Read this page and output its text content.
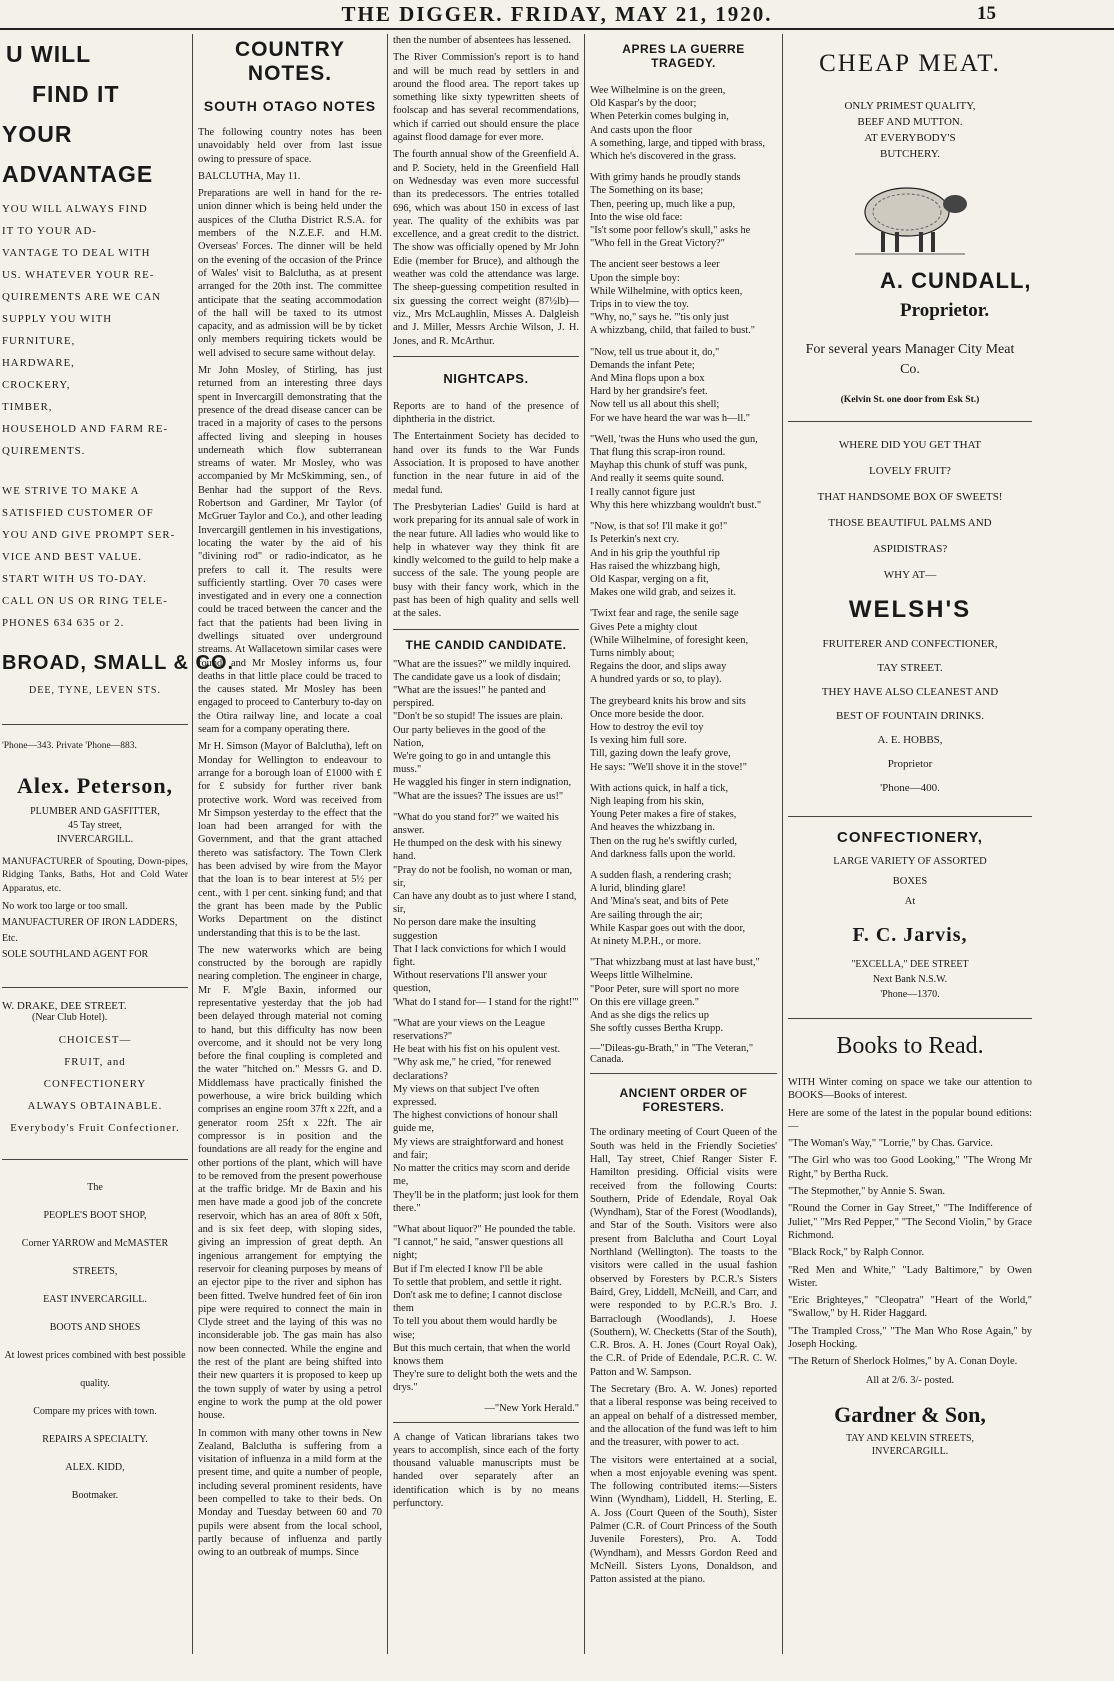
THE DIGGER. FRIDAY, MAY 21, 1920.	15
U WILL
FIND IT
YOUR ADVANTAGE
YOU WILL ALWAYS FIND
IT TO YOUR AD-
VANTAGE TO DEAL WITH
US. WHATEVER YOUR RE-
QUIREMENTS ARE WE CAN
SUPPLY YOU WITH
FURNITURE,
HARDWARE,
CROCKERY,
TIMBER,
HOUSEHOLD AND FARM RE-
QUIREMENTS.
WE STRIVE TO MAKE A
SATISFIED CUSTOMER OF
YOU AND GIVE PROMPT SER-
VICE AND BEST VALUE.
START WITH US TO-DAY.
CALL ON US OR RING TELE-
PHONES 634 635 or 2.
BROAD, SMALL & CO.
DEE, TYNE, LEVEN STS.
'Phone—343. Private 'Phone—883.
Alex. Peterson,
PLUMBER AND GASFITTER,
45 Tay street,
INVERCARGILL.
MANUFACTURER of Spouting, Down-pipes, Ridging Tanks, Baths, Hot and Cold Water Apparatus, etc.
No work too large or too small.
MANUFACTURER OF IRON LADDERS, Etc.
SOLE SOUTHLAND AGENT FOR
W. DRAKE, DEE STREET.
(Near Club Hotel).
CHOICEST—
FRUIT, and
CONFECTIONERY
ALWAYS OBTAINABLE.
Everybody's Fruit Confectioner.
The
PEOPLE'S BOOT SHOP,
Corner YARROW and McMASTER STREETS,
EAST INVERCARGILL.
BOOTS AND SHOES
At lowest prices combined with best possible quality.
Compare my prices with town.
REPAIRS A SPECIALTY.
ALEX. KIDD,
Bootmaker.
COUNTRY NOTES.
SOUTH OTAGO NOTES
The following country notes has been unavoidably held over from last issue owing to pressure of space.
BALCLUTHA, May 11.
Preparations are well in hand for the re-union dinner which is being held under the auspices of the Clutha District R.S.A. for members of the N.Z.E.F. and H.M. Overseas' Forces. The dinner will be held on the evening of the occasion of the Prince of Wales' visit to Balclutha, as at present arranged for the 20th inst. The committee anticipate that the seating accommodation of the hall will be taxed to its utmost capacity, and as admission will be by ticket only members requiring tickets would be well advised to secure same without delay.
Mr John Mosley, of Stirling, has just returned from an interesting three days spent in Invercargill demonstrating that the presence of the dread disease cancer can be traced in a majority of cases to the persons affected living and sleeping in houses underneath which flow subterranean streams of water. Mr Mosley, who was accompanied by Mr McSkimming, sen., of Benhar had the support of the Revs. Robertson and Gardiner, Mr Taylor (of McGruer Taylor and Co.), and other leading Invercargill gentlemen in his investigations, locating the water by the aid of his "divining rod" or radio-indicator, as he prefers to call it. The results were sufficiently startling. Over 70 cases were investigated and in every one a connection could be traced between the cancer and the fact that the patients had been living in dwellings situated over underground streams. At Wallacetown similar cases were found, and Mr Mosley informs us, four deaths in that little place could be traced to the causes stated. Mr Mosley has been engaged to proceed to Canterbury to-day on the Otira railway line, and locate a coal seam for a company operating there.
Mr H. Simson (Mayor of Balclutha), left on Monday for Wellington to endeavour to arrange for a borough loan of £1000 with £ for £ subsidy for further river bank protective work. Word was received from Mr Simpson yesterday to the effect that the loan had been arranged for with the Government, and that the grant attached thereto was satisfactory. The Town Clerk has been advised by wire from the Mayor that the loan is to bear interest at 5½ per cent., with 1 per cent. sinking fund; and that the grant has been made by the Public Works Department on the distinct understanding that this is to be the last.
The new waterworks which are being constructed by the borough are rapidly nearing completion. The engineer in charge, Mr F. M'gle Baxin, informed our representative yesterday that the job had been delayed through material not coming to hand, but this difficulty has now been overcome, and it should not be very long before the final coupling is completed and the water "hitched on." Messrs G. and D. Middlemass have practically finished the powerhouse, a wire brick building which comprises an engine room 37ft x 22ft, and a generator room 25ft x 22ft. The air compressor is in position and the foundations are all ready for the engine and other portions of the plant, which will have to be removed from the present powerhouse at the traffic bridge. Mr de Baxin and his men have made a good job of the concrete reservoir, which has an area of 80ft x 50ft, and is six feet deep, with sloping sides, giving an impression of great depth. An ingenious arrangement for emptying the reservoir for cleaning purposes by means of an ejector pipe to the river and siphon has been fitted. Twelve hundred feet of 6in iron pipe were required to connect the main in Clyde street and the laying of this was no inconsiderable job. The gas main has also now been connected. While the engine and the rest of the plant are being shifted into their new quarters it is proposed to keep up the town supply of water by using a petrol engine to work the pump at the old power house.
In common with many other towns in New Zealand, Balclutha is suffering from a visitation of influenza in a mild form at the present time, and quite a number of people, including several prominent residents, have been compelled to take to their beds. On Monday and Tuesday between 60 and 70 pupils were absent from the local school, partly because of influenza and partly owing to an outbreak of mumps. Since
then the number of absentees has lessened.
The River Commission's report is to hand and will be much read by settlers in and around the flood area. The report takes up something like sixty typewritten sheets of foolscap and has several recommendations, which if carried out should ensure the place against flood damage for ever more.
The fourth annual show of the Greenfield A. and P. Society, held in the Greenfield Hall on Wednesday was even more successful than its predecessors. The entries totalled 696, which was about 150 in excess of last year. The quality of the exhibits was par excellence, and a great credit to the district. The show was officially opened by Mr John Edie (member for Bruce), and although the weather was cold the attendance was large. The sheep-guessing competition resulted in six guessing the correct weight (87½lb)—viz., Mrs McLaughlin, Misses A. Dalgleish and J. Miller, Messrs Archie Wilson, J. H. Jones, and R. McArthur.
NIGHTCAPS.
Reports are to hand of the presence of diphtheria in the district.
The Entertainment Society has decided to hand over its funds to the War Funds Association. It is proposed to have another function in the near future in aid of the medal fund.
The Presbyterian Ladies' Guild is hard at work preparing for its annual sale of work in the near future. All ladies who would like to help in whatever way they think fit are kindly welcomed to the guild to help make a success of the sale. The young people are busy with their fancy work, which in the past has been of high quality and sells well at the sales.
THE CANDID CANDIDATE.
"What are the issues?" we mildly inquired.
The candidate gave us a look of disdain;
"What are the issues!" he panted and perspired.
"Don't be so stupid! The issues are plain.
Our party believes in the good of the Nation,
We're going to go in and untangle this muss."
He waggled his finger in stern indignation,
"What are the issues? The issues are us!"
"What do you stand for?" we waited his answer.
He thumped on the desk with his sinewy hand.
"Pray do not be foolish, no woman or man, sir,
Can have any doubt as to just where I stand, sir,
No person dare make the insulting suggestion
That I lack convictions for which I would fight.
Without reservations I'll answer your question,
'What do I stand for— I stand for the right!'"
"What are your views on the League reservations?"
He beat with his fist on his opulent vest.
"Why ask me," he cried, "for renewed declarations?
My views on that subject I've often expressed.
The highest convictions of honour shall guide me,
My views are straightforward and honest and fair;
No matter the critics may scorn and deride me,
They'll be in the platform; just look for them there."
"What about liquor?" He pounded the table.
"I cannot," he said, "answer questions all night;
But if I'm elected I know I'll be able
To settle that problem, and settle it right.
Don't ask me to define; I cannot disclose them
To tell you about them would hardly be wise;
But this much certain, that when the world knows them
They're sure to delight both the wets and the drys."
—"New York Herald."
A change of Vatican librarians takes two years to accomplish, since each of the forty thousand valuable manuscripts must be handed over separately after an identification which is by no means perfunctory.
APRES LA GUERRE TRAGEDY.
Wee Wilhelmine is on the green,
Old Kaspar's by the door;
When Peterkin comes bulging in,
And casts upon the floor
A something, large, and tipped with brass,
Which he's discovered in the grass.
With grimy hands he proudly stands
The Something on its base;
Then, peering up, much like a pup,
Into the wise old face:
"Is't some poor fellow's skull," asks he
"Who fell in the Great Victory?"
The ancient seer bestows a leer
Upon the simple boy:
While Wilhelmine, with optics keen,
Trips in to view the toy.
"Why, no," says he. "'tis only just
A whizzbang, child, that failed to bust."
"Now, tell us true about it, do,"
Demands the infant Pete;
And Mina flops upon a box
Hard by her grandsire's feet.
Now tell us all about this shell;
For we have heard the war was h—ll."
"Well, 'twas the Huns who used the gun,
That flung this scrap-iron round.
Mayhap this chunk of stuff was punk,
And really it seems quite sound.
I really cannot figure just
Why this here whizzbang wouldn't bust."
"Now, is that so! I'll make it go!"
Is Peterkin's next cry.
And in his grip the youthful rip
Has raised the whizzbang high,
Old Kaspar, verging on a fit,
Makes one wild grab, and seizes it.
'Twixt fear and rage, the senile sage
Gives Pete a mighty clout
(While Wilhelmine, of foresight keen,
Turns nimbly about;
Regains the door, and slips away
A hundred yards or so, to play).
The greybeard knits his brow and sits
Once more beside the door.
How to destroy the evil toy
Is vexing him full sore.
Till, gazing down the leafy grove,
He says: "We'll shove it in the stove!"
With actions quick, in half a tick,
Nigh leaping from his skin,
Young Peter makes a fire of stakes,
And heaves the whizzbang in.
Then on the rug he's swiftly curled,
And darkness falls upon the world.
A sudden flash, a rendering crash;
A lurid, blinding glare!
And 'Mina's seat, and bits of Pete
Are sailing through the air;
While Kaspar goes out with the door,
At ninety M.P.H., or more.
"That whizzbang must at last have bust,"
Weeps little Wilhelmine.
"Poor Peter, sure will sport no more
On this ere village green."
And as she digs the relics up
She softly cusses Bertha Krupp.
—"Dileas-gu-Brath," in "The Veteran," Canada.
ANCIENT ORDER OF FORESTERS.
The ordinary meeting of Court Queen of the South was held in the Friendly Societies' Hall, Tay street, Chief Ranger Sister F. Hamilton presiding. Official visits were received from the following Courts: Southern, Pride of Edendale, Royal Oak (Wyndham), Star of the Forest (Woodlands), and Star of the South. Visitors were also present from Balclutha and Court Loyal Northland (Wellington). The toasts to the visitors were called in the usual fashion observed by Foresters by P.C.R.'s Sisters Baird, Grey, Liddell, McNeill, and Carr, and were responded to by P.C.R.'s Bro. J. Barraclough (Woodlands), J. Hoese (Southern), W. Checketts (Star of the South), C.R. Bros. A. H. Jones (Court Royal Oak), the C.R. of Pride of Edendale, P.C.R. C. W. Patton and W. Sampson.
The Secretary (Bro. A. W. Jones) reported that a liberal response was being received to an appeal on behalf of a distressed member, and the allocation of the fund was left to him and the treasurer, with power to act.
The visitors were entertained at a social, when a most enjoyable evening was spent. The following contributed items:—Sisters Winn (Wyndham), Liddell, H. Sterling, E. A. Joss (Court Queen of the South), Sister Palmer (C.R. of Court Princess of the South Juvenile Foresters), Pro. A. Todd (Wyndham), and Messrs Gordon Reed and McNeill. Sisters Lyons, Donaldson, and Patton assisted at the piano.
CHEAP MEAT.
ONLY PRIMEST QUALITY,
BEEF AND MUTTON.
AT EVERYBODY'S
BUTCHERY.
A. CUNDALL,
Proprietor.
For several years Manager City Meat Co.
(Kelvin St. one door from Esk St.)
WHERE DID YOU GET THAT
LOVELY FRUIT?
THAT HANDSOME BOX OF SWEETS!
THOSE BEAUTIFUL PALMS AND
ASPIDISTRAS?
WHY AT—
WELSH'S
FRUITERER AND CONFECTIONER,
TAY STREET.
THEY HAVE ALSO CLEANEST AND
BEST OF FOUNTAIN DRINKS.
A. E. HOBBS,
Proprietor
'Phone—400.
CONFECTIONERY,
LARGE VARIETY OF ASSORTED
BOXES
At
F. C. Jarvis,
"EXCELLA," DEE STREET
Next Bank N.S.W.
'Phone—1370.
Books to Read.
WITH Winter coming on space we take our attention to BOOKS—Books of interest.
Here are some of the latest in the popular bound editions:—
"The Woman's Way," "Lorrie," by Chas. Garvice.
"The Girl who was too Good Looking," "The Wrong Mr Right," by Bertha Ruck.
"The Stepmother," by Annie S. Swan.
"Round the Corner in Gay Street," "The Indifference of Juliet," "Mrs Red Pepper," "The Second Violin," by Grace Richmond.
"Black Rock," by Ralph Connor.
"Red Men and White," "Lady Baltimore," by Owen Wister.
"Eric Brighteyes," "Cleopatra" "Heart of the World," "Swallow," by H. Rider Haggard.
"The Trampled Cross," "The Man Who Rose Again," by Joseph Hocking.
"The Return of Sherlock Holmes," by A. Conan Doyle.
All at 2/6. 3/- posted.
Gardner & Son,
TAY AND KELVIN STREETS,
INVERCARGILL.
